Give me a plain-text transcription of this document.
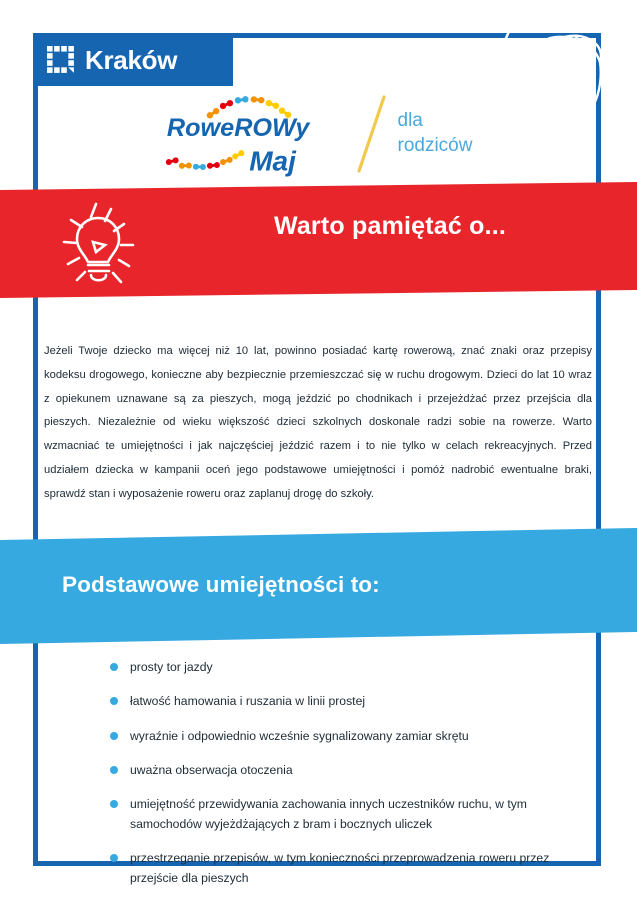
Kraków
RoweROWy
Maj
dla
rodziców
Warto pamiętać o...

Jeżeli Twoje dziecko ma więcej niż 10 lat, powinno posiadać kartę rowerową, znać znaki oraz przepisy kodeksu drogowego, konieczne aby bezpiecznie przemieszczać się w ruchu drogowym. Dzieci do lat 10 wraz z opiekunem uznawane są za pieszych, mogą jeździć po chodnikach i przejeżdżać przez przejścia dla pieszych. Niezależnie od wieku większość dzieci szkolnych doskonale radzi sobie na rowerze. Warto wzmacniać te umiejętności i jak najczęściej jeździć razem i to nie tylko w celach rekreacyjnych. Przed udziałem dziecka w kampanii oceń jego podstawowe umiejętności i pomóż nadrobić ewentualne braki, sprawdź stan i wyposażenie roweru oraz zaplanuj drogę do szkoły.

Podstawowe umiejętności to:
prosty tor jazdy
łatwość hamowania i ruszania w linii prostej
wyraźnie i odpowiednio wcześnie sygnalizowany zamiar skrętu
uważna obserwacja otoczenia
umiejętność przewidywania zachowania innych uczestników ruchu, w tym samochodów wyjeżdżających z bram i bocznych uliczek
przestrzeganie przepisów, w tym konieczności przeprowadzenia roweru przez przejście dla pieszych
